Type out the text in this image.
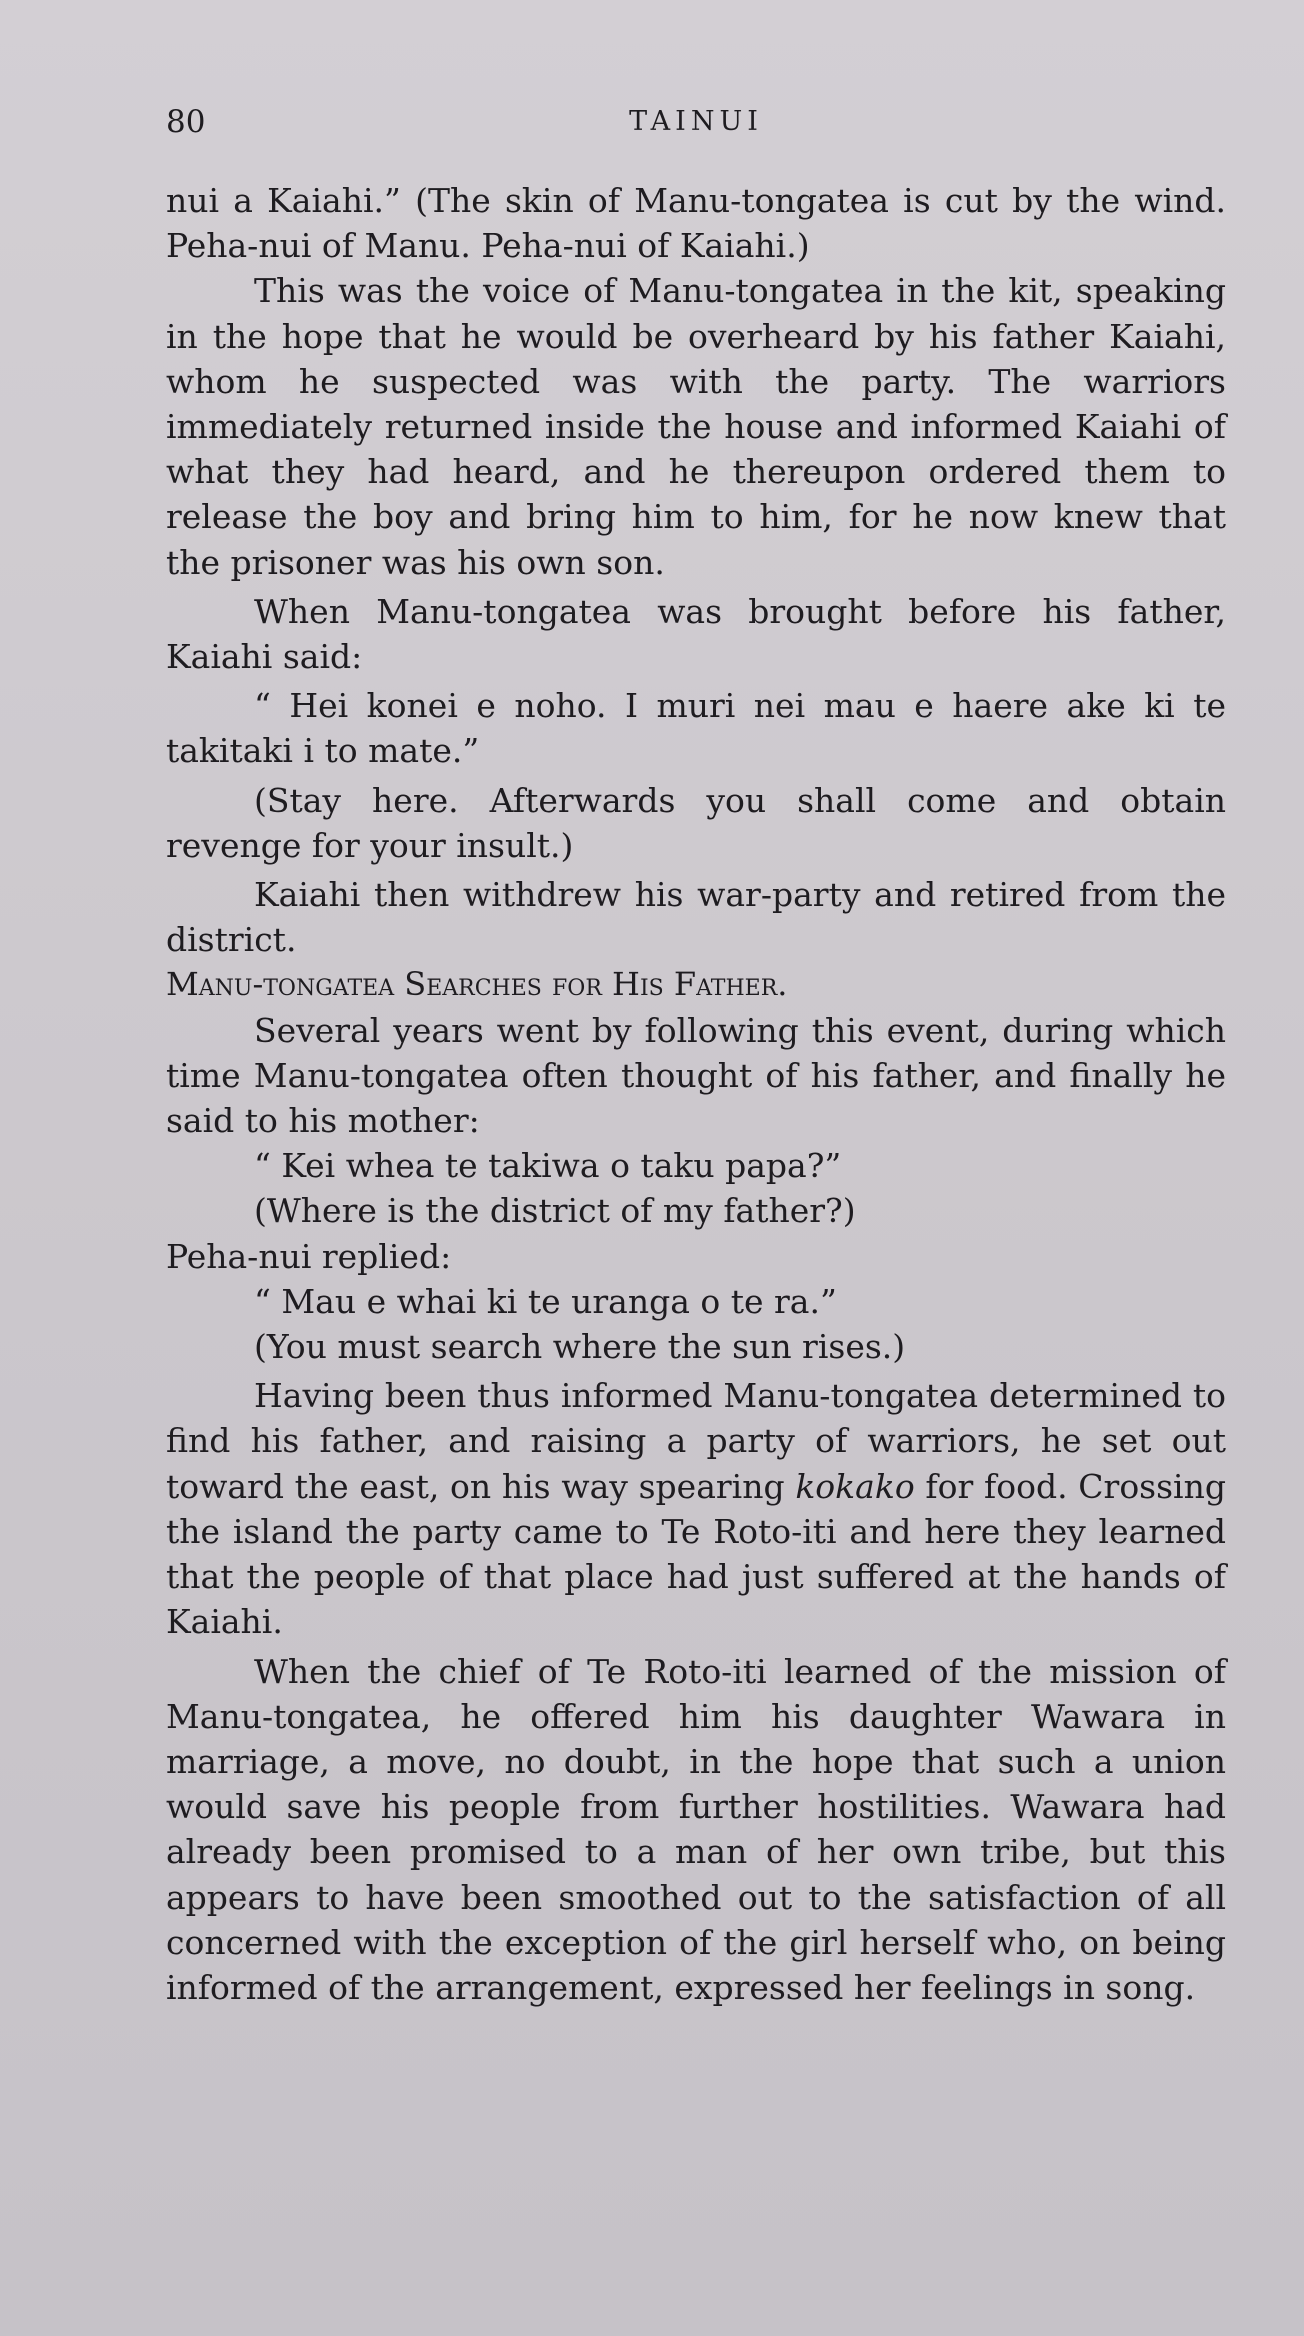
80	TAINUI

nui a Kaiahi.” (The skin of Manu-tongatea is cut by the wind. Peha-nui of Manu. Peha-nui of Kaiahi.)

This was the voice of Manu-tongatea in the kit, speaking in the hope that he would be overheard by his father Kaiahi, whom he suspected was with the party. The warriors immediately returned inside the house and informed Kaiahi of what they had heard, and he thereupon ordered them to release the boy and bring him to him, for he now knew that the prisoner was his own son.

When Manu-tongatea was brought before his father, Kaiahi said:

“ Hei konei e noho. I muri nei mau e haere ake ki te takitaki i to mate.”

(Stay here. Afterwards you shall come and obtain revenge for your insult.)

Kaiahi then withdrew his war-party and retired from the district.

Manu-tongatea Searches for His Father.

Several years went by following this event, during which time Manu-tongatea often thought of his father, and finally he said to his mother:

“ Kei whea te takiwa o taku papa?”

(Where is the district of my father?)

Peha-nui replied:

“ Mau e whai ki te uranga o te ra.”

(You must search where the sun rises.)

Having been thus informed Manu-tongatea determined to find his father, and raising a party of warriors, he set out toward the east, on his way spearing kokako for food. Crossing the island the party came to Te Roto-iti and here they learned that the people of that place had just suffered at the hands of Kaiahi.

When the chief of Te Roto-iti learned of the mission of Manu-tongatea, he offered him his daughter Wawara in marriage, a move, no doubt, in the hope that such a union would save his people from further hostilities. Wawara had already been promised to a man of her own tribe, but this appears to have been smoothed out to the satisfaction of all concerned with the exception of the girl herself who, on being informed of the arrangement, expressed her feelings in song.
